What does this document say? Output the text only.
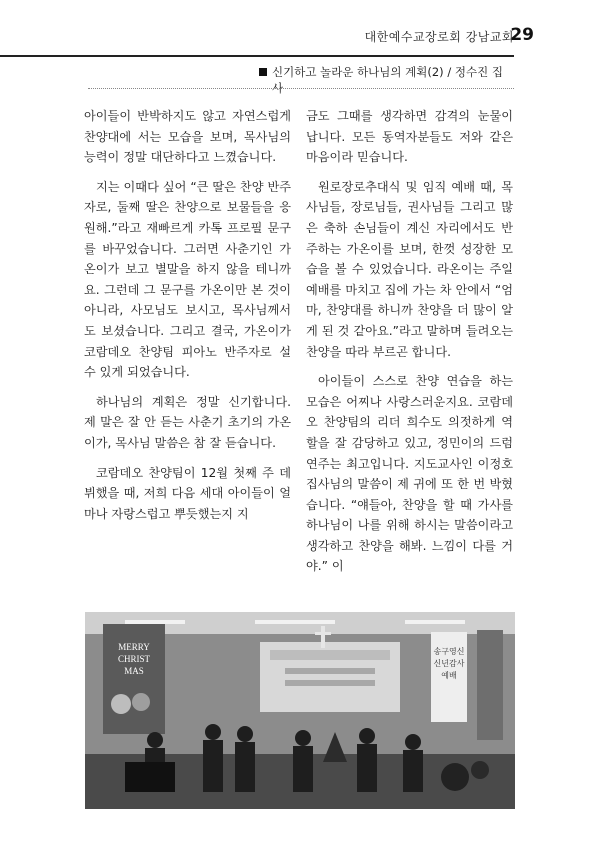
대한예수교장로회 강남교회
29
신기하고 놀라운 하나님의 계획(2) / 정수진 집사

아이들이 반박하지도 않고 자연스럽게 찬양대에 서는 모습을 보며, 목사님의 능력이 정말 대단하다고 느꼈습니다.

지는 이때다 싶어 “큰 딸은 찬양 반주자로, 둘째 딸은 찬양으로 보물들을 응원해.”라고 재빠르게 카톡 프로필 문구를 바꾸었습니다. 그러면 사춘기인 가온이가 보고 별말을 하지 않을 테니까요. 그런데 그 문구를 가온이만 본 것이 아니라, 사모님도 보시고, 목사님께서도 보셨습니다. 그리고 결국, 가온이가 코람데오 찬양팀 피아노 반주자로 설 수 있게 되었습니다.

하나님의 계획은 정말 신기합니다. 제 말은 잘 안 듣는 사춘기 초기의 가온이가, 목사님 말씀은 참 잘 듣습니다.

코람데오 찬양팀이 12월 첫째 주 데뷔했을 때, 저희 다음 세대 아이들이 얼마나 자랑스럽고 뿌듯했는지 지

금도 그때를 생각하면 감격의 눈물이 납니다. 모든 동역자분들도 저와 같은 마음이라 믿습니다.

원로장로추대식 및 임직 예배 때, 목사님들, 장로님들, 권사님들 그리고 많은 축하 손님들이 계신 자리에서도 반주하는 가온이를 보며, 한껏 성장한 모습을 볼 수 있었습니다. 라온이는 주일 예배를 마치고 집에 가는 차 안에서 “엄마, 찬양대를 하니까 찬양을 더 많이 알게 된 것 같아요.”라고 말하며 들려오는 찬양을 따라 부르곤 합니다.

아이들이 스스로 찬양 연습을 하는 모습은 어찌나 사랑스러운지요. 코람데오 찬양팀의 리더 희수도 의젓하게 역할을 잘 감당하고 있고, 정민이의 드럼 연주는 최고입니다. 지도교사인 이정호 집사님의 말씀이 제 귀에 또 한 번 박혔습니다. “얘들아, 찬양을 할 때 가사를 하나님이 나를 위해 하시는 말씀이라고 생각하고 찬양을 해봐. 느낌이 다를 거야.” 이

MERRY
CHRIST
MAS
송구영신
신년감사
예배
